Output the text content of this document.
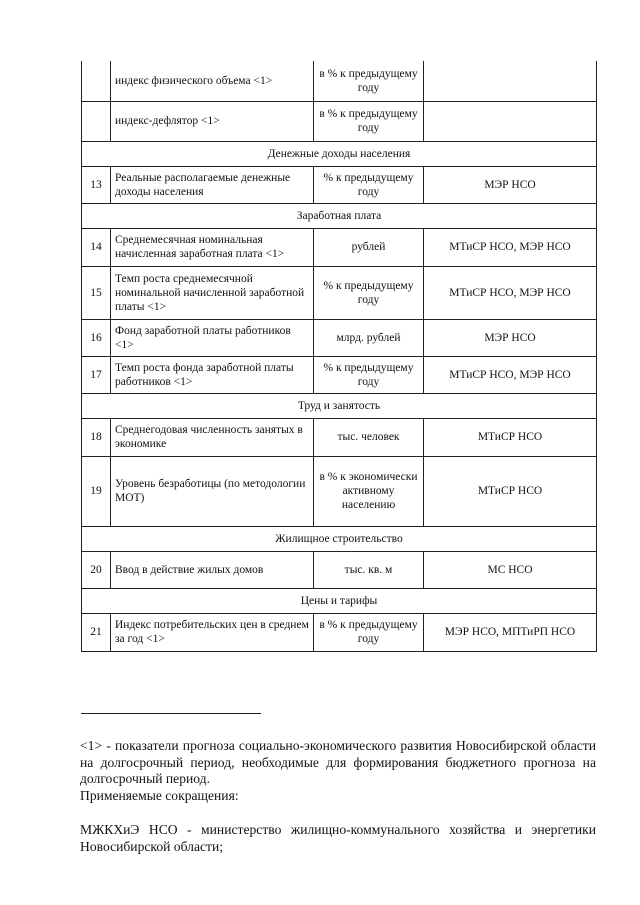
	индекс физического объема <1>	в % к предыдущему году	
	индекс-дефлятор <1>	в % к предыдущему году	
Денежные доходы населения			
13	Реальные располагаемые денежные доходы населения	% к предыдущему году	МЭР НСО
Заработная плата			
14	Среднемесячная номинальная начисленная заработная плата <1>	рублей	МТиСР НСО, МЭР НСО
15	Темп роста среднемесячной номинальной начисленной заработной платы <1>	% к предыдущему году	МТиСР НСО, МЭР НСО
16	Фонд заработной платы работников <1>	млрд. рублей	МЭР НСО
17	Темп роста фонда заработной платы работников <1>	% к предыдущему году	МТиСР НСО, МЭР НСО
Труд и занятость			
18	Среднегодовая численность занятых в экономике	тыс. человек	МТиСР НСО
19	Уровень безработицы (по методологии МОТ)	в % к экономически активному населению	МТиСР НСО
Жилищное строительство			
20	Ввод в действие жилых домов	тыс. кв. м	МС НСО
Цены и тарифы			
21	Индекс потребительских цен в среднем за год <1>	в % к предыдущему году	МЭР НСО, МПТиРП НСО

<1> - показатели прогноза социально-экономического развития Новосибирской области на долгосрочный период, необходимые для формирования бюджетного прогноза на долгосрочный период.

Применяемые сокращения:

МЖКХиЭ НСО - министерство жилищно-коммунального хозяйства и энергетики Новосибирской области;
